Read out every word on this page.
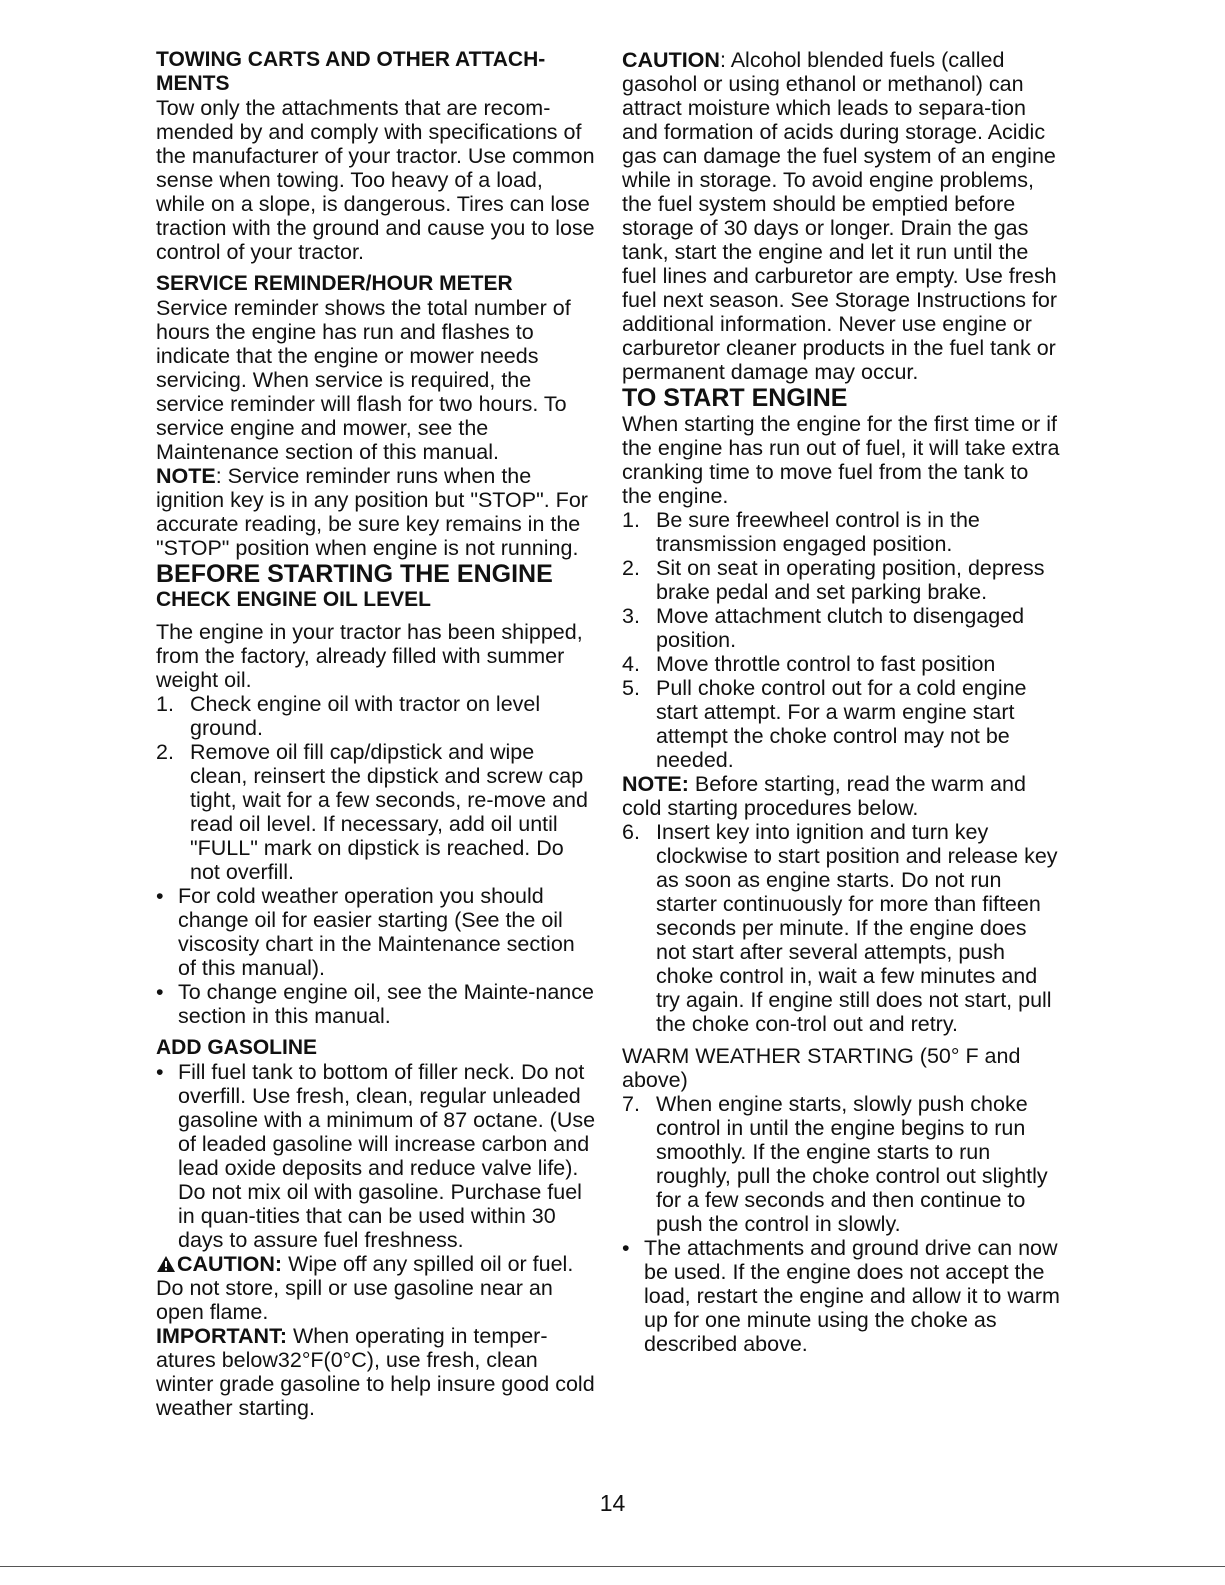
TOWING CARTS AND OTHER ATTACH-MENTS

Tow only the attachments that are recom-mended by and comply with specifications of the manufacturer of your tractor. Use common sense when towing. Too heavy of a load, while on a slope, is dangerous. Tires can lose traction with the ground and cause you to lose control of your tractor.

SERVICE REMINDER/HOUR METER

Service reminder shows the total number of hours the engine has run and flashes to indicate that the engine or mower needs servicing. When service is required, the service reminder will flash for two hours. To service engine and mower, see the Maintenance section of this manual.

NOTE: Service reminder runs when the ignition key is in any position but "STOP". For accurate reading, be sure key remains in the "STOP" position when engine is not running.

BEFORE STARTING THE ENGINE

CHECK ENGINE OIL LEVEL

The engine in your tractor has been shipped, from the factory, already filled with summer weight oil.

1. Check engine oil with tractor on level ground.

2. Remove oil fill cap/dipstick and wipe clean, reinsert the dipstick and screw cap tight, wait for a few seconds, re-move and read oil level. If necessary, add oil until "FULL" mark on dipstick is reached. Do not overfill.

• For cold weather operation you should change oil for easier starting (See the oil viscosity chart in the Maintenance section of this manual).

• To change engine oil, see the Mainte-nance section in this manual.

ADD GASOLINE

• Fill fuel tank to bottom of filler neck. Do not overfill. Use fresh, clean, regular unleaded gasoline with a minimum of 87 octane. (Use of leaded gasoline will increase carbon and lead oxide deposits and reduce valve life). Do not mix oil with gasoline. Purchase fuel in quan-tities that can be used within 30 days to assure fuel freshness.

CAUTION: Wipe off any spilled oil or fuel. Do not store, spill or use gasoline near an open flame.

IMPORTANT: When operating in temper-atures below32°F(0°C), use fresh, clean winter grade gasoline to help insure good cold weather starting.

CAUTION: Alcohol blended fuels (called gasohol or using ethanol or methanol) can attract moisture which leads to separa-tion and formation of acids during storage. Acidic gas can damage the fuel system of an engine while in storage. To avoid engine problems, the fuel system should be emptied before storage of 30 days or longer. Drain the gas tank, start the engine and let it run until the fuel lines and carburetor are empty. Use fresh fuel next season. See Storage Instructions for additional information. Never use engine or carburetor cleaner products in the fuel tank or permanent damage may occur.

TO START ENGINE

When starting the engine for the first time or if the engine has run out of fuel, it will take extra cranking time to move fuel from the tank to the engine.

1. Be sure freewheel control is in the transmission engaged position.

2. Sit on seat in operating position, depress brake pedal and set parking brake.

3. Move attachment clutch to disengaged position.

4. Move throttle control to fast position

5. Pull choke control out for a cold engine start attempt. For a warm engine start attempt the choke control may not be needed.

NOTE: Before starting, read the warm and cold starting procedures below.

6. Insert key into ignition and turn key clockwise to start position and release key as soon as engine starts. Do not run starter continuously for more than fifteen seconds per minute. If the engine does not start after several attempts, push choke control in, wait a few minutes and try again. If engine still does not start, pull the choke con-trol out and retry.

WARM WEATHER STARTING (50° F and above)

7. When engine starts, slowly push choke control in until the engine begins to run smoothly. If the engine starts to run roughly, pull the choke control out slightly for a few seconds and then continue to push the control in slowly.

• The attachments and ground drive can now be used. If the engine does not accept the load, restart the engine and allow it to warm up for one minute using the choke as described above.

14
